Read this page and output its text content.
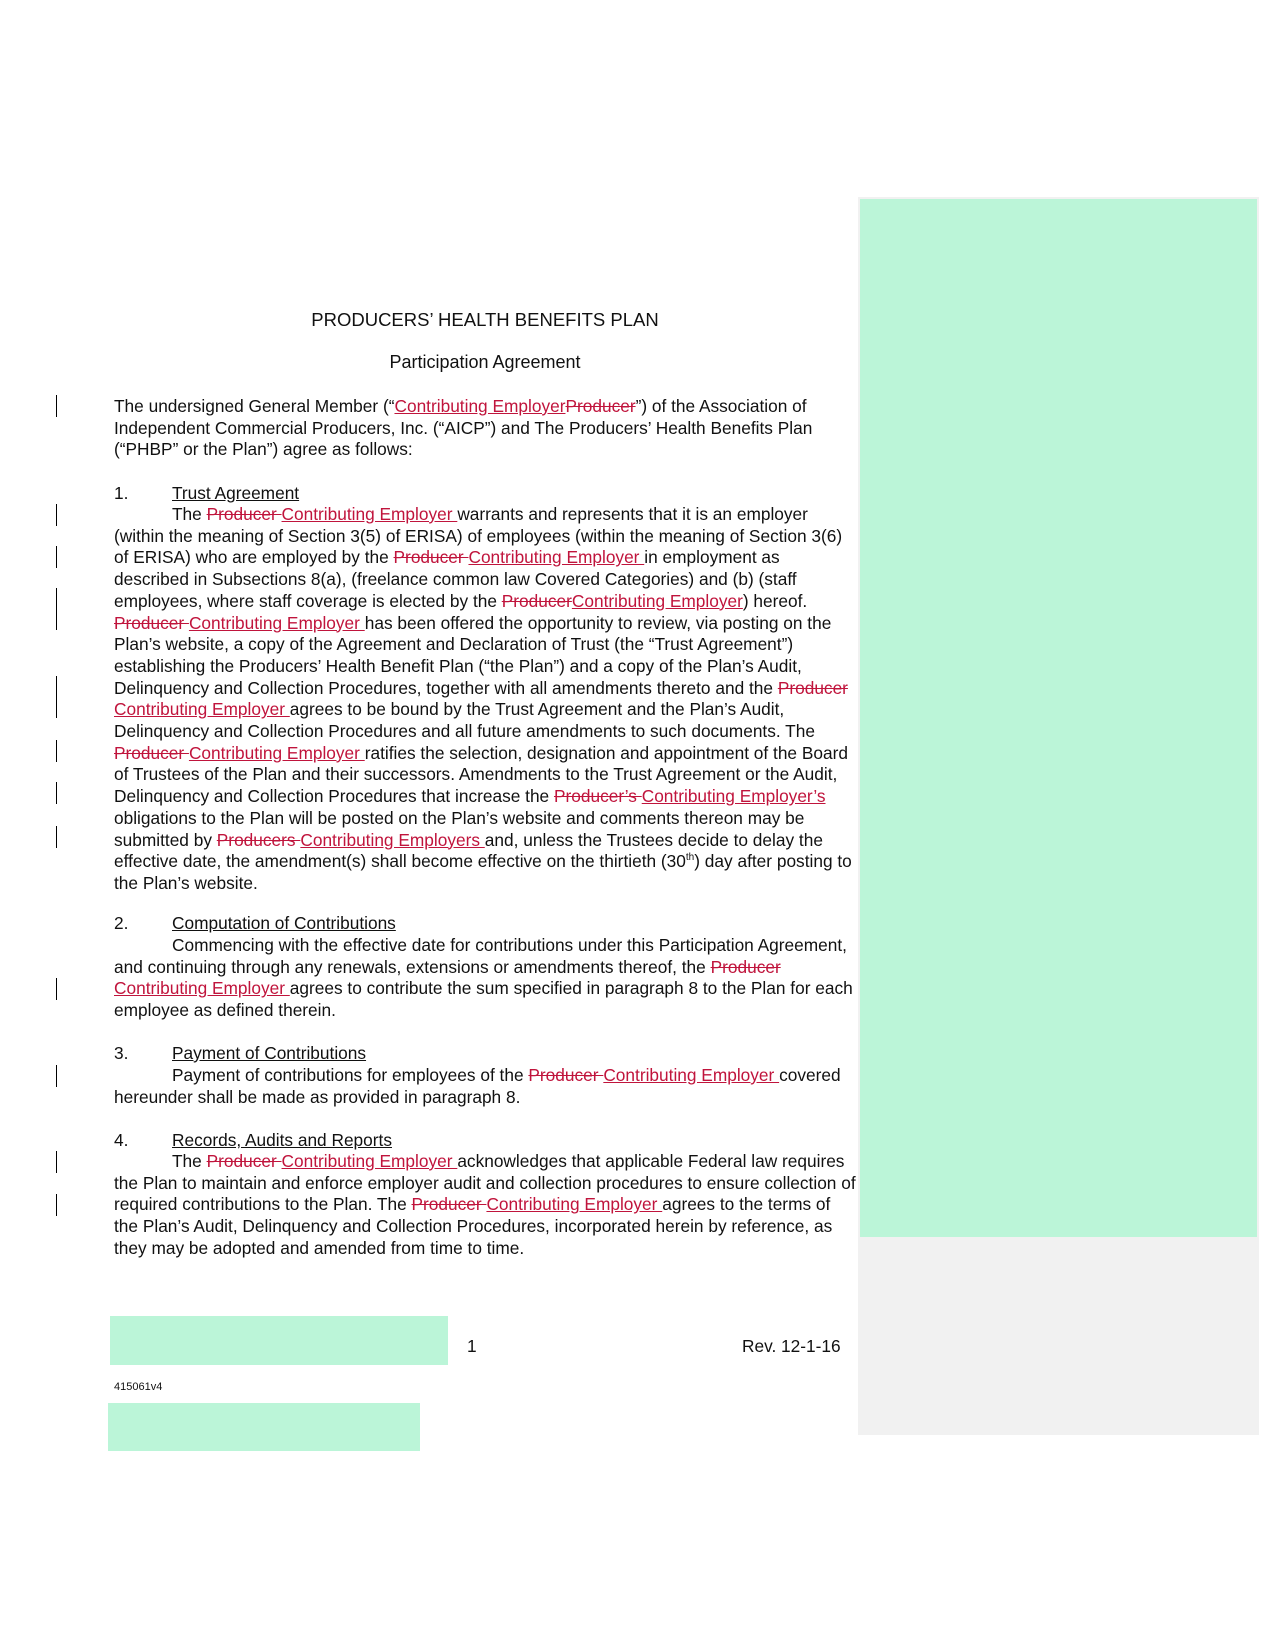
PRODUCERS’ HEALTH BENEFITS PLAN
Participation Agreement
The undersigned General Member (“Contributing EmployerProducer”) of the Association of Independent Commercial Producers, Inc. (“AICP”) and The Producers’ Health Benefits Plan (“PHBP” or the Plan”) agree as follows:
1.	Trust Agreement
The Producer Contributing Employer warrants and represents that it is an employer (within the meaning of Section 3(5) of ERISA) of employees (within the meaning of Section 3(6) of ERISA) who are employed by the Producer Contributing Employer in employment as described in Subsections 8(a), (freelance common law Covered Categories) and (b) (staff employees, where staff coverage is elected by the ProducerContributing Employer) hereof. Producer Contributing Employer has been offered the opportunity to review, via posting on the Plan’s website, a copy of the Agreement and Declaration of Trust (the “Trust Agreement”) establishing the Producers’ Health Benefit Plan (“the Plan”) and a copy of the Plan’s Audit, Delinquency and Collection Procedures, together with all amendments thereto and the Producer Contributing Employer agrees to be bound by the Trust Agreement and the Plan’s Audit, Delinquency and Collection Procedures and all future amendments to such documents. The Producer Contributing Employer ratifies the selection, designation and appointment of the Board of Trustees of the Plan and their successors. Amendments to the Trust Agreement or the Audit, Delinquency and Collection Procedures that increase the Producer’s Contributing Employer’s obligations to the Plan will be posted on the Plan’s website and comments thereon may be submitted by Producers Contributing Employers and, unless the Trustees decide to delay the effective date, the amendment(s) shall become effective on the thirtieth (30th) day after posting to the Plan’s website.
2.	Computation of Contributions
Commencing with the effective date for contributions under this Participation Agreement, and continuing through any renewals, extensions or amendments thereof, the Producer Contributing Employer agrees to contribute the sum specified in paragraph 8 to the Plan for each employee as defined therein.
3.	Payment of Contributions
Payment of contributions for employees of the Producer Contributing Employer covered hereunder shall be made as provided in paragraph 8.
4.	Records, Audits and Reports
The Producer Contributing Employer acknowledges that applicable Federal law requires the Plan to maintain and enforce employer audit and collection procedures to ensure collection of required contributions to the Plan. The Producer Contributing Employer agrees to the terms of the Plan’s Audit, Delinquency and Collection Procedures, incorporated herein by reference, as they may be adopted and amended from time to time.
1	Rev. 12-1-16
415061v4
